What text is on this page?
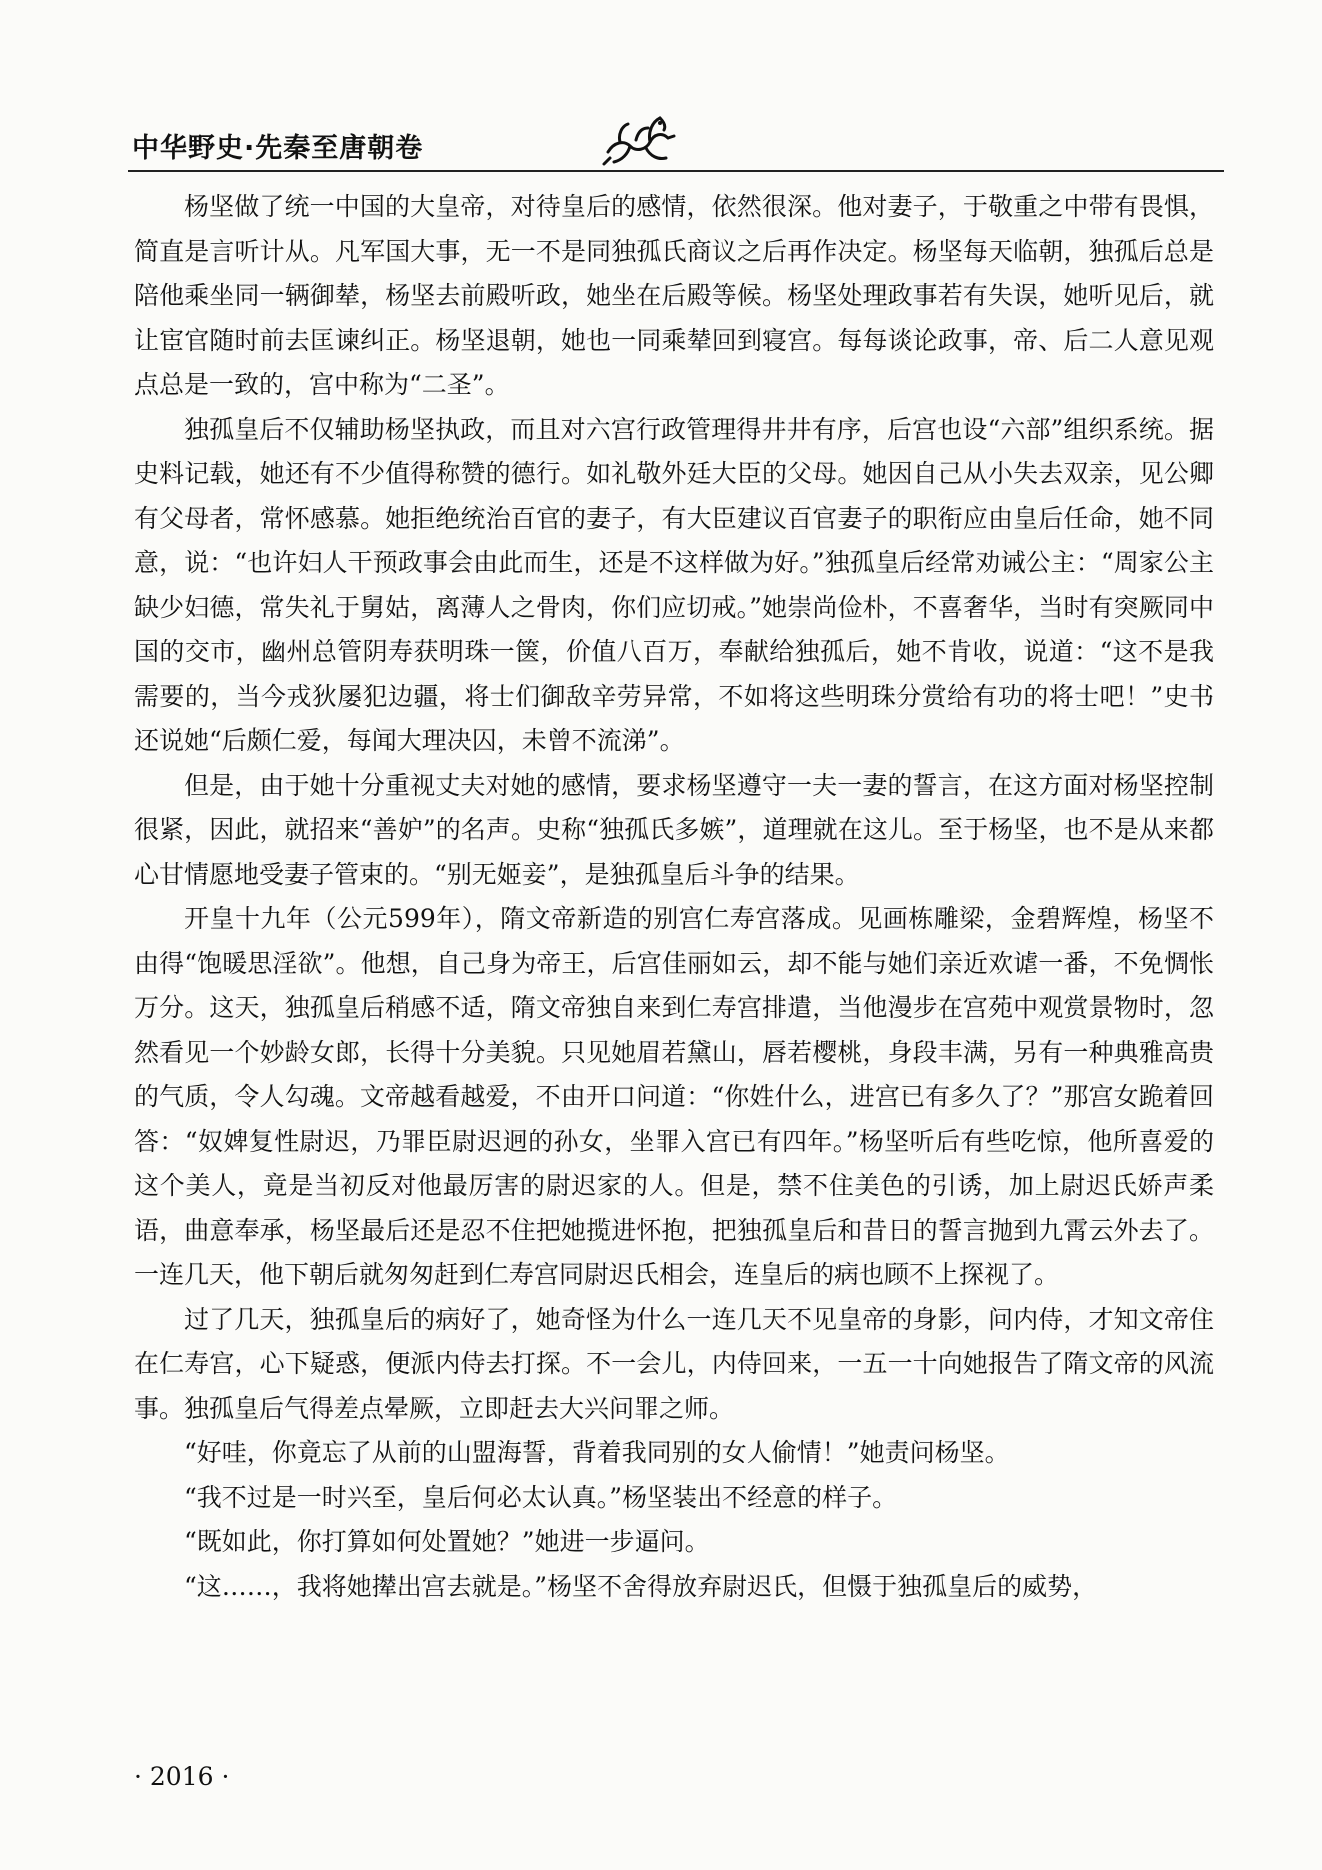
中华野史·先秦至唐朝卷

杨坚做了统一中国的大皇帝，对待皇后的感情，依然很深。他对妻子，于敬重之中带有畏惧，简直是言听计从。凡军国大事，无一不是同独孤氏商议之后再作决定。杨坚每天临朝，独孤后总是陪他乘坐同一辆御辇，杨坚去前殿听政，她坐在后殿等候。杨坚处理政事若有失误，她听见后，就让宦官随时前去匡谏纠正。杨坚退朝，她也一同乘辇回到寝宫。每每谈论政事，帝、后二人意见观点总是一致的，宫中称为“二圣”。

独孤皇后不仅辅助杨坚执政，而且对六宫行政管理得井井有序，后宫也设“六部”组织系统。据史料记载，她还有不少值得称赞的德行。如礼敬外廷大臣的父母。她因自己从小失去双亲，见公卿有父母者，常怀感慕。她拒绝统治百官的妻子，有大臣建议百官妻子的职衔应由皇后任命，她不同意，说：“也许妇人干预政事会由此而生，还是不这样做为好。”独孤皇后经常劝诫公主：“周家公主缺少妇德，常失礼于舅姑，离薄人之骨肉，你们应切戒。”她崇尚俭朴，不喜奢华，当时有突厥同中国的交市，幽州总管阴寿获明珠一箧，价值八百万，奉献给独孤后，她不肯收，说道：“这不是我需要的，当今戎狄屡犯边疆，将士们御敌辛劳异常，不如将这些明珠分赏给有功的将士吧！”史书还说她“后颇仁爱，每闻大理决囚，未曾不流涕”。

但是，由于她十分重视丈夫对她的感情，要求杨坚遵守一夫一妻的誓言，在这方面对杨坚控制很紧，因此，就招来“善妒”的名声。史称“独孤氏多嫉”，道理就在这儿。至于杨坚，也不是从来都心甘情愿地受妻子管束的。“别无姬妾”，是独孤皇后斗争的结果。

开皇十九年（公元599年），隋文帝新造的别宫仁寿宫落成。见画栋雕梁，金碧辉煌，杨坚不由得“饱暖思淫欲”。他想，自己身为帝王，后宫佳丽如云，却不能与她们亲近欢谑一番，不免惆怅万分。这天，独孤皇后稍感不适，隋文帝独自来到仁寿宫排遣，当他漫步在宫苑中观赏景物时，忽然看见一个妙龄女郎，长得十分美貌。只见她眉若黛山，唇若樱桃，身段丰满，另有一种典雅高贵的气质，令人勾魂。文帝越看越爱，不由开口问道：“你姓什么，进宫已有多久了？”那宫女跪着回答：“奴婢复性尉迟，乃罪臣尉迟迥的孙女，坐罪入宫已有四年。”杨坚听后有些吃惊，他所喜爱的这个美人，竟是当初反对他最厉害的尉迟家的人。但是，禁不住美色的引诱，加上尉迟氏娇声柔语，曲意奉承，杨坚最后还是忍不住把她揽进怀抱，把独孤皇后和昔日的誓言抛到九霄云外去了。一连几天，他下朝后就匆匆赶到仁寿宫同尉迟氏相会，连皇后的病也顾不上探视了。

过了几天，独孤皇后的病好了，她奇怪为什么一连几天不见皇帝的身影，问内侍，才知文帝住在仁寿宫，心下疑惑，便派内侍去打探。不一会儿，内侍回来，一五一十向她报告了隋文帝的风流事。独孤皇后气得差点晕厥，立即赶去大兴问罪之师。

“好哇，你竟忘了从前的山盟海誓，背着我同别的女人偷情！”她责问杨坚。

“我不过是一时兴至，皇后何必太认真。”杨坚装出不经意的样子。

“既如此，你打算如何处置她？”她进一步逼问。

“这……，我将她撵出宫去就是。”杨坚不舍得放弃尉迟氏，但慑于独孤皇后的威势，

· 2016 ·
